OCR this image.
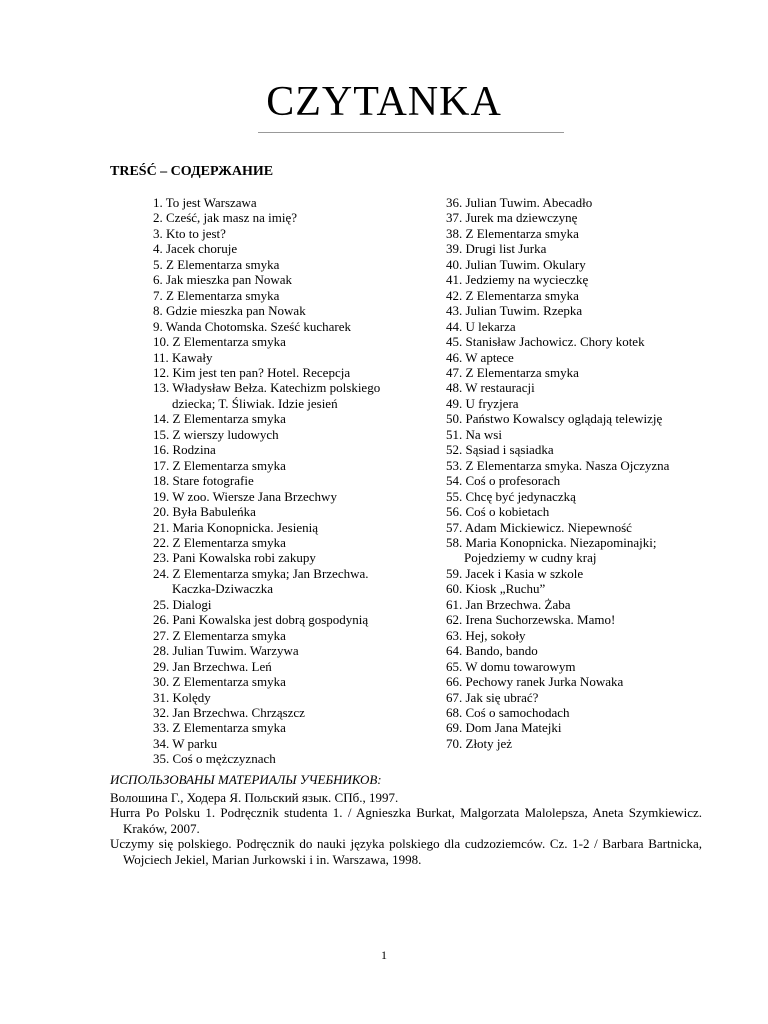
CZYTANKA
TREŚĆ – СОДЕРЖАНИЕ
1. To jest Warszawa
2. Cześć, jak masz na imię?
3. Kto to jest?
4. Jacek choruje
5. Z Elementarza smyka
6. Jak mieszka pan Nowak
7. Z Elementarza smyka
8. Gdzie mieszka pan Nowak
9. Wanda Chotomska. Sześć kucharek
10. Z Elementarza smyka
11. Kawały
12. Kim jest ten pan? Hotel. Recepcja
13. Władysław Bełza. Katechizm polskiego
dziecka; T. Śliwiak. Idzie jesień
14. Z Elementarza smyka
15. Z wierszy ludowych
16. Rodzina
17. Z Elementarza smyka
18. Stare fotografie
19. W zoo. Wiersze Jana Brzechwy
20. Była Babuleńka
21. Maria Konopnicka. Jesienią
22. Z Elementarza smyka
23. Pani Kowalska robi zakupy
24. Z Elementarza smyka; Jan Brzechwa.
Kaczka-Dziwaczka
25. Dialogi
26. Pani Kowalska jest dobrą gospodynią
27. Z Elementarza smyka
28. Julian Tuwim. Warzywa
29. Jan Brzechwa. Leń
30. Z Elementarza smyka
31. Kolędy
32. Jan Brzechwa. Chrząszcz
33. Z Elementarza smyka
34. W parku
35. Coś o mężczyznach
36. Julian Tuwim. Abecadło
37. Jurek ma dziewczynę
38. Z Elementarza smyka
39. Drugi list Jurka
40. Julian Tuwim. Okulary
41. Jedziemy na wycieczkę
42. Z Elementarza smyka
43. Julian Tuwim. Rzepka
44. U lekarza
45. Stanisław Jachowicz. Chory kotek
46. W aptece
47. Z Elementarza smyka
48. W restauracji
49. U fryzjera
50. Państwo Kowalscy oglądają telewizję
51. Na wsi
52. Sąsiad i sąsiadka
53. Z Elementarza smyka. Nasza Ojczyzna
54. Coś o profesorach
55. Chcę być jedynaczką
56. Coś o kobietach
57. Adam Mickiewicz. Niepewność
58. Maria Konopnicka. Niezapominajki;
Pojedziemy w cudny kraj
59. Jacek i Kasia w szkole
60. Kiosk „Ruchu”
61. Jan Brzechwa. Żaba
62. Irena Suchorzewska. Mamo!
63. Hej, sokoły
64. Bando, bando
65. W domu towarowym
66. Pechowy ranek Jurka Nowaka
67. Jak się ubrać?
68. Coś o samochodach
69. Dom Jana Matejki
70. Złoty jeż

ИСПОЛЬЗОВАНЫ МАТЕРИАЛЫ УЧЕБНИКОВ:

Волошина Г., Ходера Я. Польский язык. СПб., 1997.

Hurra Po Polsku 1. Podręcznik studenta 1. / Agnieszka Burkat, Malgorzata Malolepsza, Aneta Szymkiewicz. Kraków, 2007.

Uczymy się polskiego. Podręcznik do nauki języka polskiego dla cudzoziemców. Cz. 1-2 / Barbara Bartnicka, Wojciech Jekiel, Marian Jurkowski i in. Warszawa, 1998.

1
